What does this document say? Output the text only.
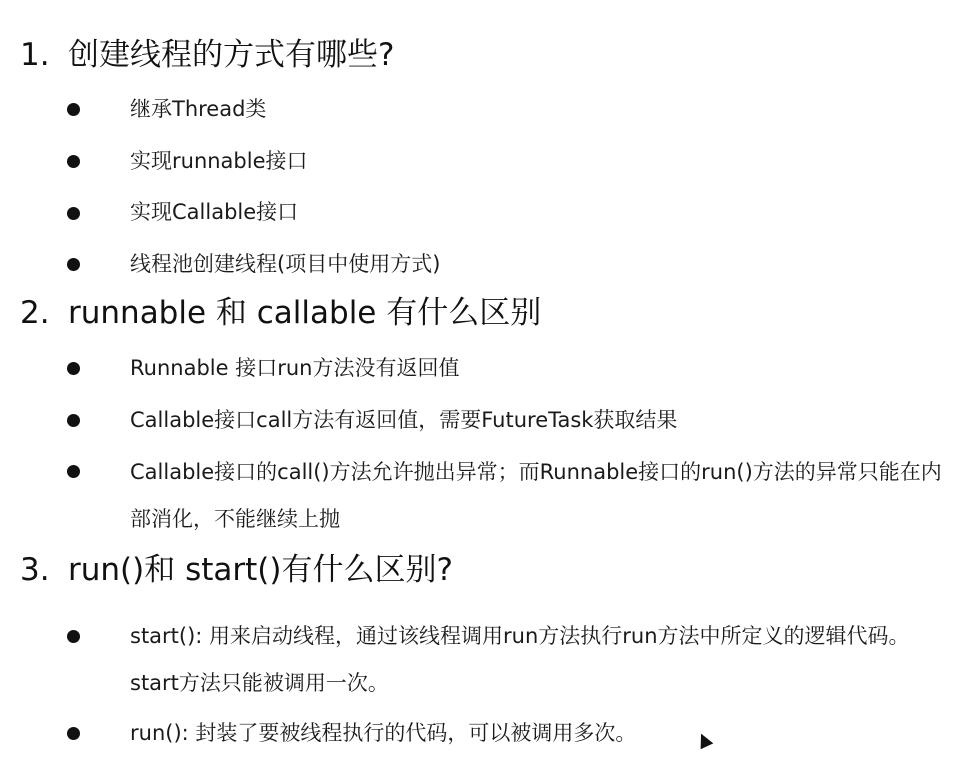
1. 创建线程的方式有哪些?
继承Thread类
实现runnable接口
实现Callable接口
线程池创建线程(项目中使用方式)
2. runnable 和 callable 有什么区别
Runnable 接口run方法没有返回值
Callable接口call方法有返回值，需要FutureTask获取结果
Callable接口的call()方法允许抛出异常；而Runnable接口的run()方法的异常只能在内部消化，不能继续上抛
3. run()和 start()有什么区别?
start(): 用来启动线程，通过该线程调用run方法执行run方法中所定义的逻辑代码。start方法只能被调用一次。
run(): 封装了要被线程执行的代码，可以被调用多次。
